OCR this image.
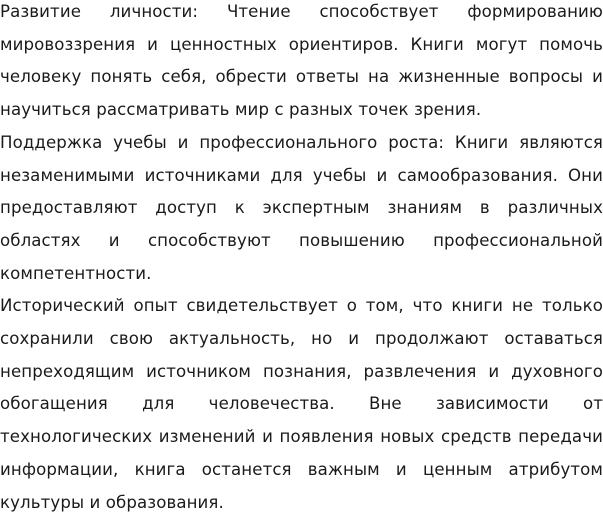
Развитие личности: Чтение способствует формированию мировоззрения и ценностных ориентиров. Книги могут помочь человеку понять себя, обрести ответы на жизненные вопросы и научиться рассматривать мир с разных точек зрения.

Поддержка учебы и профессионального роста: Книги являются незаменимыми источниками для учебы и самообразования. Они предоставляют доступ к экспертным знаниям в различных областях и способствуют повышению профессиональной компетентности.

Исторический опыт свидетельствует о том, что книги не только сохранили свою актуальность, но и продолжают оставаться непреходящим источником познания, развлечения и духовного обогащения для человечества. Вне зависимости от технологических изменений и появления новых средств передачи информации, книга останется важным и ценным атрибутом культуры и образования.
